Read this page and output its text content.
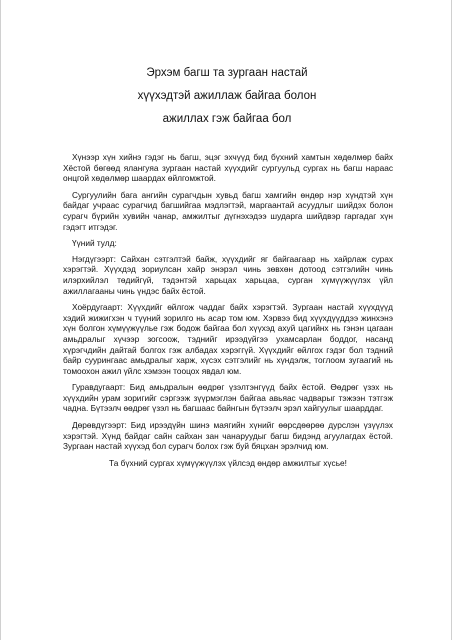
Эрхэм багш та зургаан настай
хүүхэдтэй ажиллаж байгаа болон
ажиллах гэж байгаа бол

Хүнээр хүн хийнэ гэдэг нь багш, эцэг эхчүүд бид бүхний хамтын хөдөлмөр байх Хёстой бөгөөд ялангуяа зургаан настай хүүхдийг сургуульд сургах нь багш нараас онцгой хөдөлмөр шаардах өйлгомжтой.

Сургуулийн бага ангийн сурагчдын хувьд багш хамгийн өндөр нэр хүндтэй хүн байдаг учраас сурагчид багшийгаа мэдлэгтэй, маргаантай асуудлыг шийдэх болон сурагч бүрийн хувийн чанар, амжилтыг дүгнэхэдээ шударга шийдвэр гаргадаг хүн гэдэгт итгэдэг.

Үүний тулд:

Нэгдүгээрт: Сайхан сэтгэлтэй байж, хүүхдийг яг байгаагаар нь хайрлаж сурах хэрэгтэй. Хүүхдэд зориулсан хайр энэрэл чинь зөвхөн дотоод сэтгэлийн чинь илэрхийлэл төдийгүй, тэдэнтэй харьцах харьцаа, сурган хүмүүжүүлэх үйл ажиллагааны чинь үндэс байх ёстой.

Хоёрдугаарт: Хүүхдийг өйлгож чаддаг байх хэрэгтэй. Зургаан настай хүүхдүүд хэдий жижигхэн ч түүний зорилго нь асар том юм. Хэрвээ бид хүүхдүүддээ жинхэнэ хүн болгон хүмүүжүүлье гэж бодож байгаа бол хүүхэд ахуй цагийнх нь гэнэн цагаан амьдралыг хүчээр зогсоож, тэднийг ирээдүйгээ ухамсарлан боддог, насанд хүрэгчдийн дайтай болгох гэж албадах хэрэггүй. Хүүхдийг өйлгох гэдэг бол тэдний байр суурингаас амьдралыг харж, хүсэх сэтгэлийг нь хүндэлж, тоглоом зугаагий нь томоохон ажил үйлс хэмээн тооцох явдал юм.

Гуравдугаарт: Бид амьдралын өөдрөг үзэлтэнгүүд байх ёстой. Өөдрөг үзэх нь хүүхдийн урам зоригийг сэргээж зүүрмэглэн байгаа авьяас чадварыг тэжээн тэтгэж чадна. Бүтээлч өөдрөг үзэл нь багшаас байнгын бүтээлч эрэл хайгуулыг шаарддаг.

Дөрөвдүгээрт: Бид ирээдүйн шинэ маягийн хүнийг өөрсдөөрөө дурслэн үзүүлэх хэрэгтэй. Хүнд байдаг сайн сайхан зан чанаруудыг багш бидэнд агуулагдах ёстой. Зургаан настай хүүхэд бол сурагч болох гэж буй бяцхан эрэлчид юм.

Та бүхний сургах хүмүүжүүлэх үйлсэд өндөр амжилтыг хүсье!
